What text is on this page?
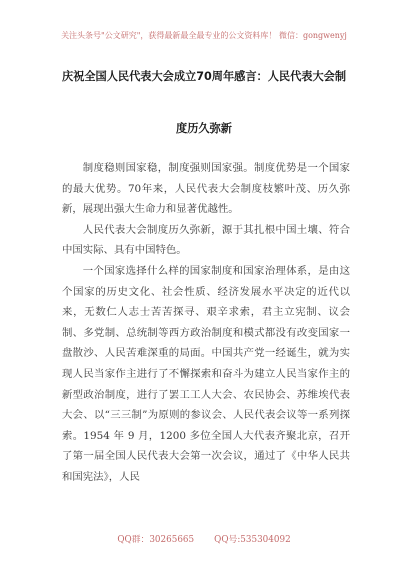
关注头条号"公文研究"，获得最新最全最专业的公文资料库！ 微信：gongwenyj
庆祝全国人民代表大会成立70周年感言：人民代表大会制
度历久弥新

制度稳则国家稳，制度强则国家强。制度优势是一个国家的最大优势。70年来，人民代表大会制度枝繁叶茂、历久弥新，展现出强大生命力和显著优越性。

人民代表大会制度历久弥新，源于其扎根中国土壤、符合中国实际、具有中国特色。

一个国家选择什么样的国家制度和国家治理体系，是由这个国家的历史文化、社会性质、经济发展水平决定的近代以来，无数仁人志士苦苦探寻、艰辛求索，君主立宪制、议会制、多党制、总统制等西方政治制度和模式都没有改变国家一盘散沙、人民苦难深重的局面。中国共产党一经诞生，就为实现人民当家作主进行了不懈探索和奋斗为建立人民当家作主的新型政治制度，进行了罢工工人大会、农民协会、苏维埃代表大会、以“三三制”为原则的参议会、人民代表会议等一系列探索。1954 年 9 月，1200 多位全国人大代表齐聚北京，召开了第一届全国人民代表大会第一次会议，通过了《中华人民共和国宪法》，人民

QQ群：30265665 QQ号:535304092
